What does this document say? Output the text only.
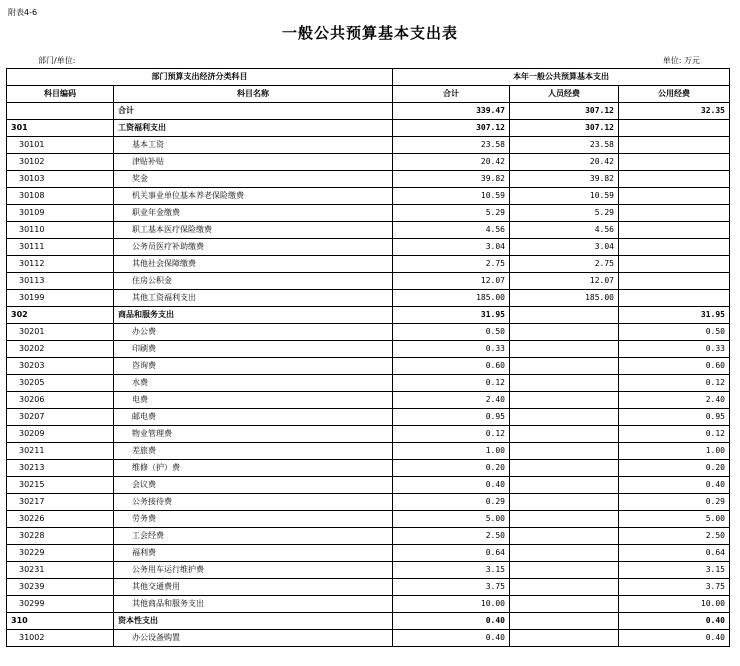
附表4-6
一般公共预算基本支出表
部门/单位:	单位: 万元
部门预算支出经济分类科目		本年一般公共预算基本支出		
科目编码	科目名称	合计	人员经费	公用经费
	合计	339.47	307.12	32.35
301	工资福利支出	307.12	307.12	
30101	基本工资	23.58	23.58	
30102	津贴补贴	20.42	20.42	
30103	奖金	39.82	39.82	
30108	机关事业单位基本养老保险缴费	10.59	10.59	
30109	职业年金缴费	5.29	5.29	
30110	职工基本医疗保险缴费	4.56	4.56	
30111	公务员医疗补助缴费	3.04	3.04	
30112	其他社会保障缴费	2.75	2.75	
30113	住房公积金	12.07	12.07	
30199	其他工资福利支出	185.00	185.00	
302	商品和服务支出	31.95		31.95
30201	办公费	0.50		0.50
30202	印刷费	0.33		0.33
30203	咨询费	0.60		0.60
30205	水费	0.12		0.12
30206	电费	2.40		2.40
30207	邮电费	0.95		0.95
30209	物业管理费	0.12		0.12
30211	差旅费	1.00		1.00
30213	维修（护）费	0.20		0.20
30215	会议费	0.40		0.40
30217	公务接待费	0.29		0.29
30226	劳务费	5.00		5.00
30228	工会经费	2.50		2.50
30229	福利费	0.64		0.64
30231	公务用车运行维护费	3.15		3.15
30239	其他交通费用	3.75		3.75
30299	其他商品和服务支出	10.00		10.00
310	资本性支出	0.40		0.40
31002	办公设备购置	0.40		0.40
